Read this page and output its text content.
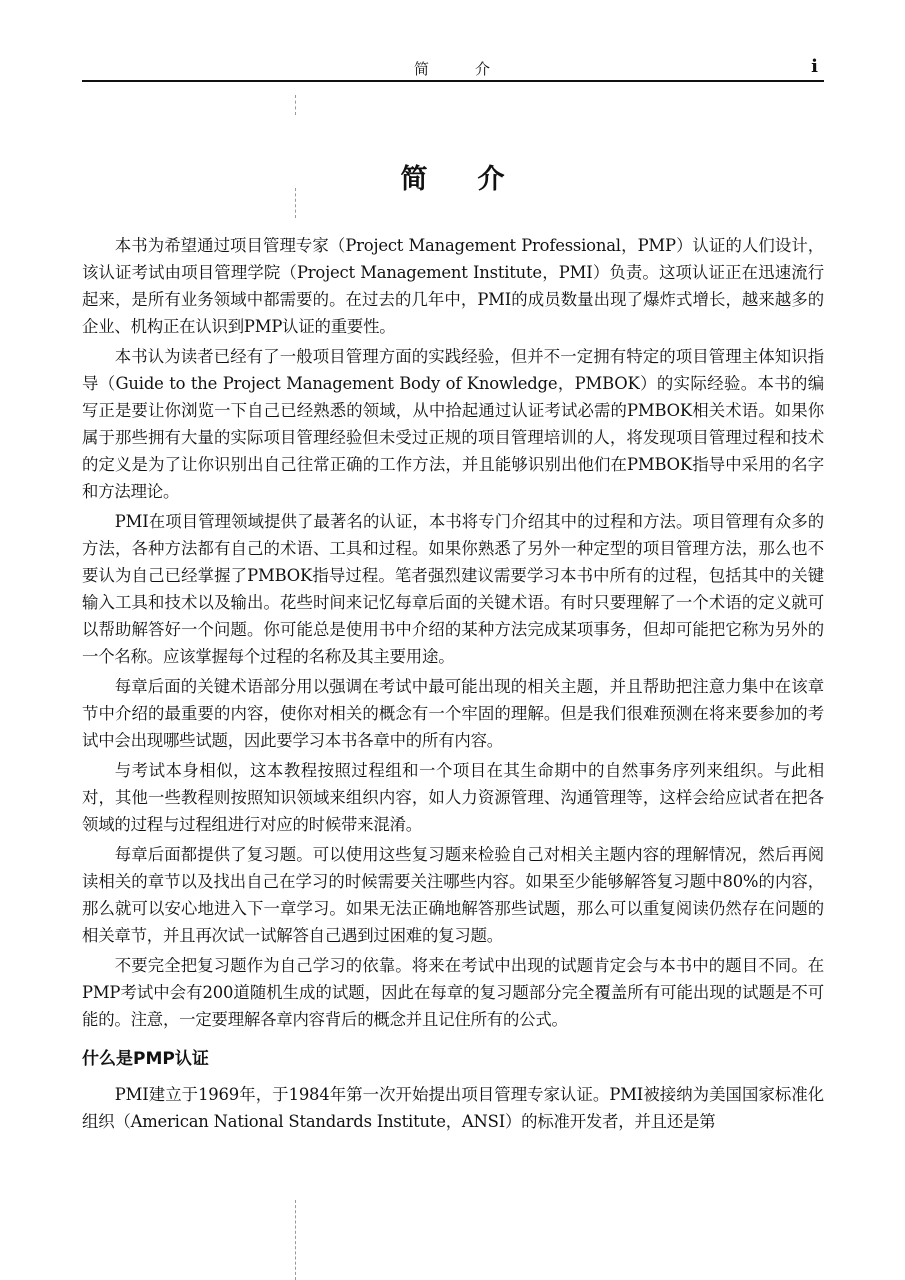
简介	i
简介

本书为希望通过项目管理专家（Project Management Professional，PMP）认证的人们设计，该认证考试由项目管理学院（Project Management Institute，PMI）负责。这项认证正在迅速流行起来，是所有业务领域中都需要的。在过去的几年中，PMI的成员数量出现了爆炸式增长，越来越多的企业、机构正在认识到PMP认证的重要性。

本书认为读者已经有了一般项目管理方面的实践经验，但并不一定拥有特定的项目管理主体知识指导（Guide to the Project Management Body of Knowledge，PMBOK）的实际经验。本书的编写正是要让你浏览一下自己已经熟悉的领域，从中拾起通过认证考试必需的PMBOK相关术语。如果你属于那些拥有大量的实际项目管理经验但未受过正规的项目管理培训的人，将发现项目管理过程和技术的定义是为了让你识别出自己往常正确的工作方法，并且能够识别出他们在PMBOK指导中采用的名字和方法理论。

PMI在项目管理领域提供了最著名的认证，本书将专门介绍其中的过程和方法。项目管理有众多的方法，各种方法都有自己的术语、工具和过程。如果你熟悉了另外一种定型的项目管理方法，那么也不要认为自己已经掌握了PMBOK指导过程。笔者强烈建议需要学习本书中所有的过程，包括其中的关键输入工具和技术以及输出。花些时间来记忆每章后面的关键术语。有时只要理解了一个术语的定义就可以帮助解答好一个问题。你可能总是使用书中介绍的某种方法完成某项事务，但却可能把它称为另外的一个名称。应该掌握每个过程的名称及其主要用途。

每章后面的关键术语部分用以强调在考试中最可能出现的相关主题，并且帮助把注意力集中在该章节中介绍的最重要的内容，使你对相关的概念有一个牢固的理解。但是我们很难预测在将来要参加的考试中会出现哪些试题，因此要学习本书各章中的所有内容。

与考试本身相似，这本教程按照过程组和一个项目在其生命期中的自然事务序列来组织。与此相对，其他一些教程则按照知识领域来组织内容，如人力资源管理、沟通管理等，这样会给应试者在把各领域的过程与过程组进行对应的时候带来混淆。

每章后面都提供了复习题。可以使用这些复习题来检验自己对相关主题内容的理解情况，然后再阅读相关的章节以及找出自己在学习的时候需要关注哪些内容。如果至少能够解答复习题中80%的内容，那么就可以安心地进入下一章学习。如果无法正确地解答那些试题，那么可以重复阅读仍然存在问题的相关章节，并且再次试一试解答自己遇到过困难的复习题。

不要完全把复习题作为自己学习的依靠。将来在考试中出现的试题肯定会与本书中的题目不同。在PMP考试中会有200道随机生成的试题，因此在每章的复习题部分完全覆盖所有可能出现的试题是不可能的。注意，一定要理解各章内容背后的概念并且记住所有的公式。

什么是PMP认证

PMI建立于1969年，于1984年第一次开始提出项目管理专家认证。PMI被接纳为美国国家标准化组织（American National Standards Institute，ANSI）的标准开发者，并且还是第
